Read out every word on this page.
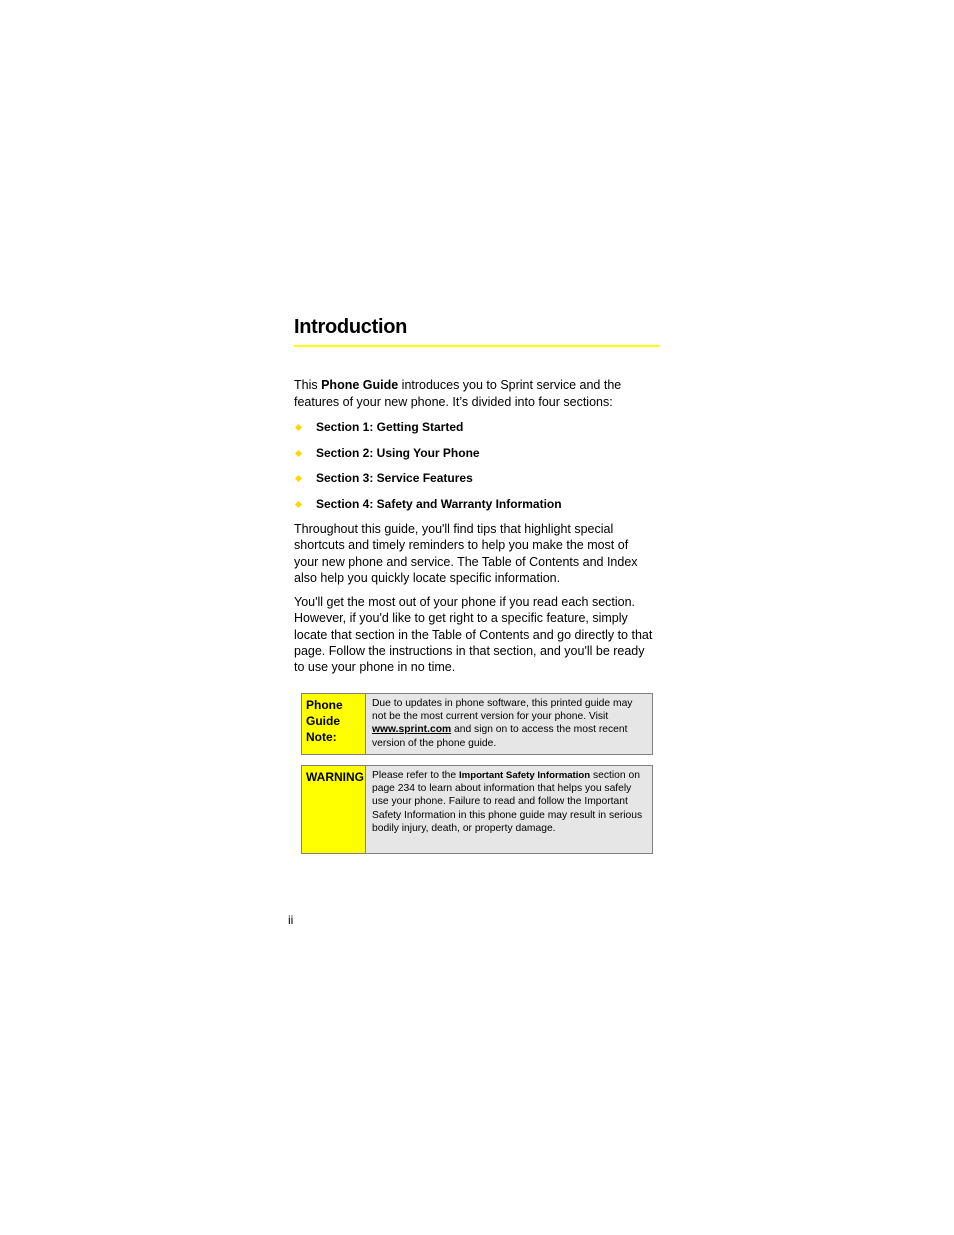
Introduction

This Phone Guide introduces you to Sprint service and the features of your new phone. It’s divided into four sections:

Section 1: Getting Started
Section 2: Using Your Phone
Section 3: Service Features
Section 4: Safety and Warranty Information

Throughout this guide, you'll find tips that highlight special shortcuts and timely reminders to help you make the most of your new phone and service. The Table of Contents and Index also help you quickly locate specific information.

You'll get the most out of your phone if you read each section. However, if you'd like to get right to a specific feature, simply locate that section in the Table of Contents and go directly to that page. Follow the instructions in that section, and you'll be ready to use your phone in no time.

Phone
Guide
Note:
Due to updates in phone software, this printed guide may not be the most current version for your phone. Visit www.sprint.com and sign on to access the most recent version of the phone guide.
WARNING Please refer to the Important Safety Information section on page 234 to learn about information that helps you safely use your phone. Failure to read and follow the Important Safety Information in this phone guide may result in serious bodily injury, death, or property damage.
ii
